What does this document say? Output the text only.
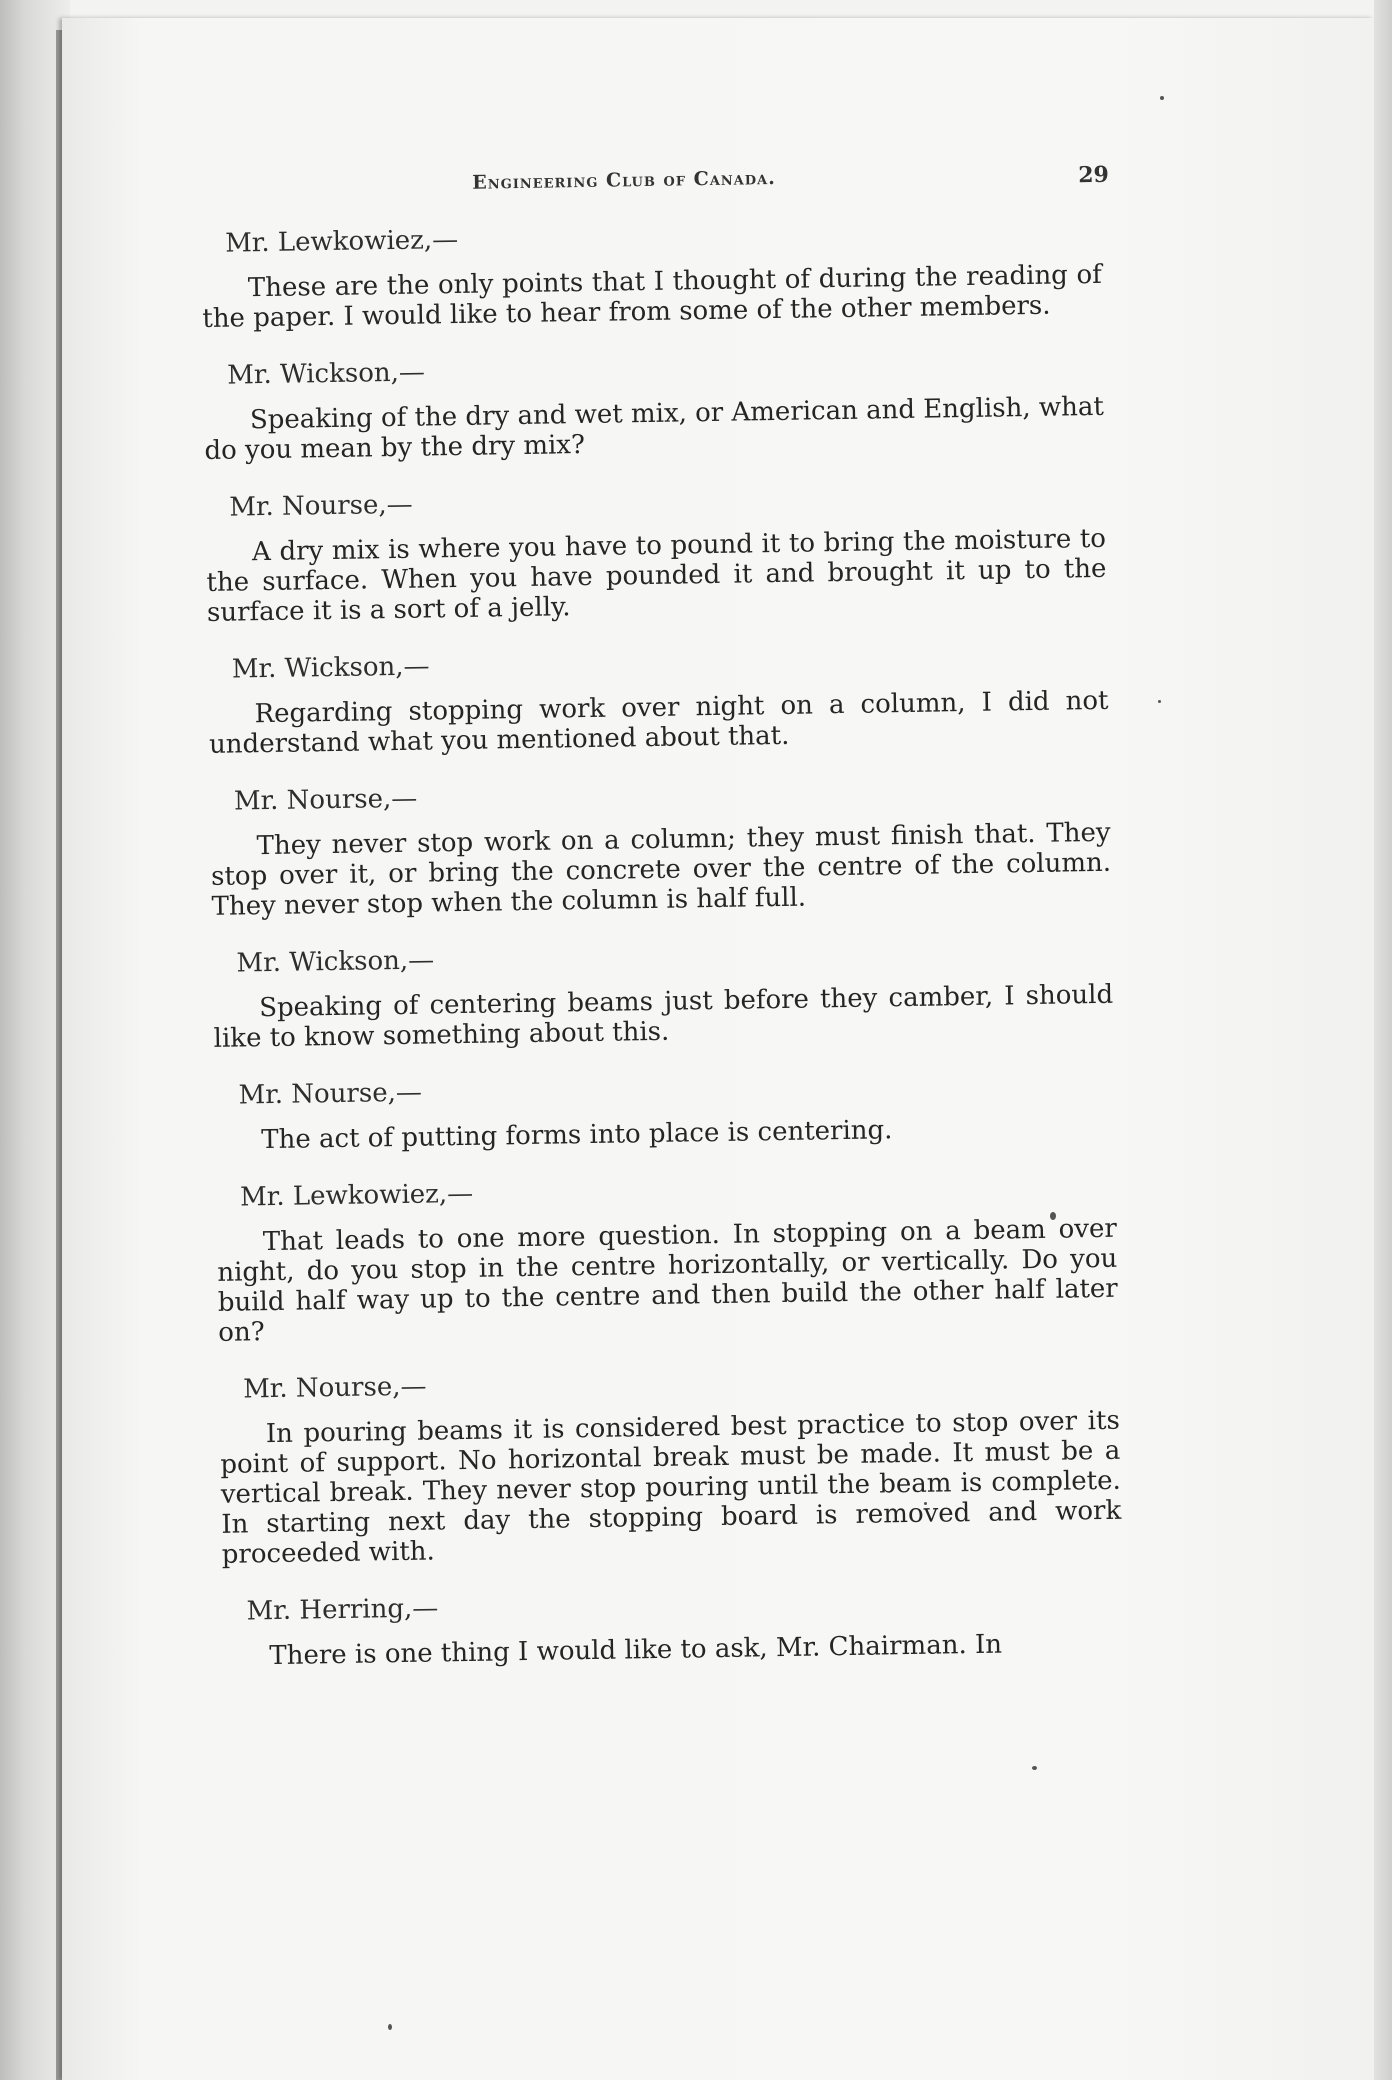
Engineering Club of Canada.	29
Mr. Lewkowiez,—

These are the only points that I thought of during the reading of the paper. I would like to hear from some of the other members.

Mr. Wickson,—

Speaking of the dry and wet mix, or American and English, what do you mean by the dry mix?

Mr. Nourse,—

A dry mix is where you have to pound it to bring the moisture to the surface. When you have pounded it and brought it up to the surface it is a sort of a jelly.

Mr. Wickson,—

Regarding stopping work over night on a column, I did not understand what you mentioned about that.

Mr. Nourse,—

They never stop work on a column; they must finish that. They stop over it, or bring the concrete over the centre of the column. They never stop when the column is half full.

Mr. Wickson,—

Speaking of centering beams just before they camber, I should like to know something about this.

Mr. Nourse,—

The act of putting forms into place is centering.

Mr. Lewkowiez,—

That leads to one more question. In stopping on a beam over night, do you stop in the centre horizontally, or vertically. Do you build half way up to the centre and then build the other half later on?

Mr. Nourse,—

In pouring beams it is considered best practice to stop over its point of support. No horizontal break must be made. It must be a vertical break. They never stop pouring until the beam is complete. In starting next day the stopping board is removed and work proceeded with.

Mr. Herring,—

There is one thing I would like to ask, Mr. Chairman. In
